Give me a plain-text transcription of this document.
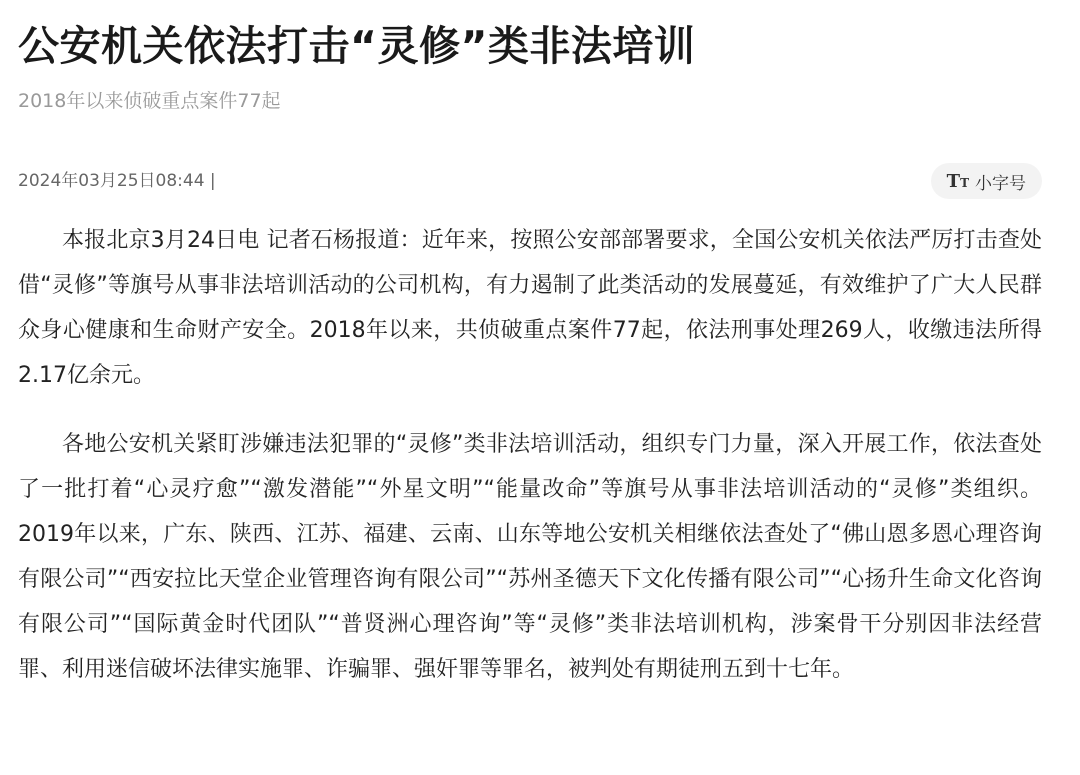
公安机关依法打击“灵修”类非法培训
2018年以来侦破重点案件77起
2024年03月25日08:44 |	T T 小字号

本报北京3月24日电 记者石杨报道：近年来，按照公安部部署要求，全国公安机关依法严厉打击查处借“灵修”等旗号从事非法培训活动的公司机构，有力遏制了此类活动的发展蔓延，有效维护了广大人民群众身心健康和生命财产安全。2018年以来，共侦破重点案件77起，依法刑事处理269人，收缴违法所得2.17亿余元。

各地公安机关紧盯涉嫌违法犯罪的“灵修”类非法培训活动，组织专门力量，深入开展工作，依法查处了一批打着“心灵疗愈”“激发潜能”“外星文明”“能量改命”等旗号从事非法培训活动的“灵修”类组织。2019年以来，广东、陕西、江苏、福建、云南、山东等地公安机关相继依法查处了“佛山恩多恩心理咨询有限公司”“西安拉比天堂企业管理咨询有限公司”“苏州圣德天下文化传播有限公司”“心扬升生命文化咨询有限公司”“国际黄金时代团队”“普贤洲心理咨询”等“灵修”类非法培训机构，涉案骨干分别因非法经营罪、利用迷信破坏法律实施罪、诈骗罪、强奸罪等罪名，被判处有期徒刑五到十七年。
